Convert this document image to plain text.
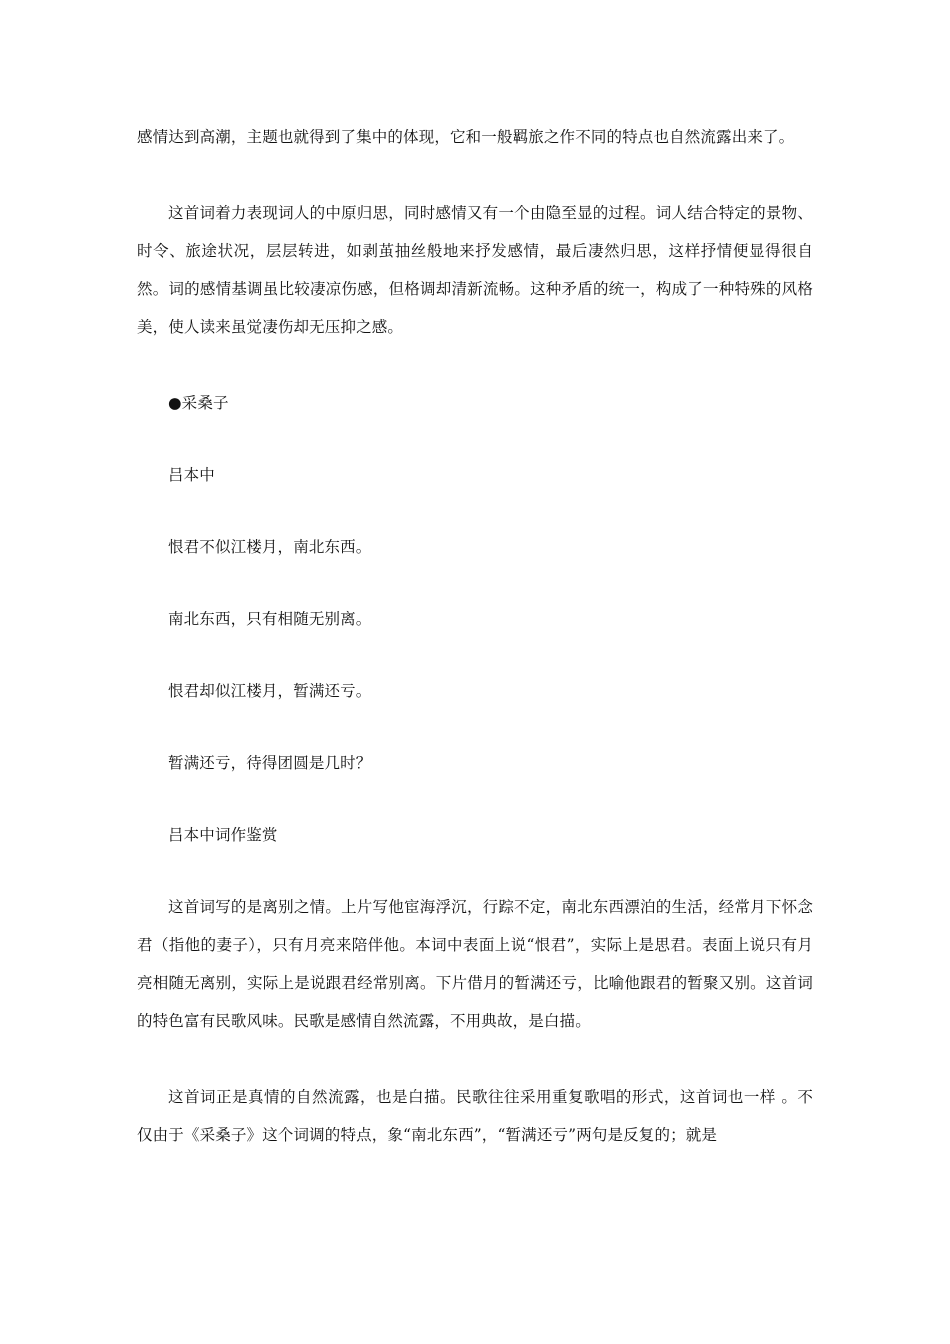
感情达到高潮，主题也就得到了集中的体现，它和一般羁旅之作不同的特点也自然流露出来了。

这首词着力表现词人的中原归思，同时感情又有一个由隐至显的过程。词人结合特定的景物、时令、旅途状况，层层转进，如剥茧抽丝般地来抒发感情，最后凄然归思，这样抒情便显得很自然。词的感情基调虽比较凄凉伤感，但格调却清新流畅。这种矛盾的统一，构成了一种特殊的风格美，使人读来虽觉凄伤却无压抑之感。

●采桑子

吕本中

恨君不似江楼月，南北东西。

南北东西，只有相随无别离。

恨君却似江楼月，暂满还亏。

暂满还亏，待得团圆是几时？

吕本中词作鉴赏

这首词写的是离别之情。上片写他宦海浮沉，行踪不定，南北东西漂泊的生活，经常月下怀念君（指他的妻子），只有月亮来陪伴他。本词中表面上说“恨君”，实际上是思君。表面上说只有月亮相随无离别，实际上是说跟君经常别离。下片借月的暂满还亏，比喻他跟君的暂聚又别。这首词的特色富有民歌风味。民歌是感情自然流露，不用典故，是白描。

这首词正是真情的自然流露，也是白描。民歌往往采用重复歌唱的形式，这首词也一样 。不仅由于《采桑子》这个词调的特点，象“南北东西”，“暂满还亏”两句是反复的；就是
